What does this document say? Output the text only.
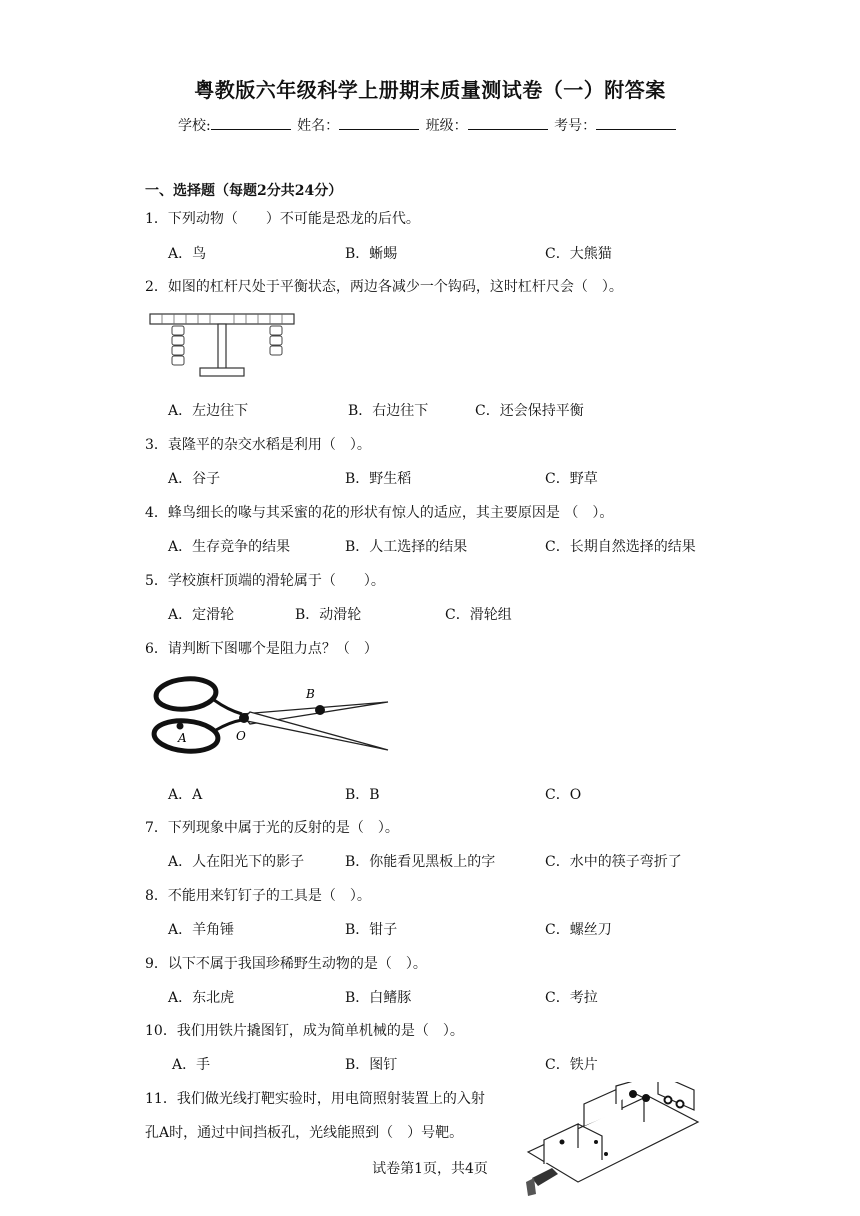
粤教版六年级科学上册期末质量测试卷（一）附答案
学校:	姓名：	班级：	考号：
一、选择题（每题2分共24分）
1．下列动物（　　）不可能是恐龙的后代。
A．鸟	B．蜥蜴	C．大熊猫
2．如图的杠杆尺处于平衡状态，两边各减少一个钩码，这时杠杆尺会（　）。
A．左边往下	B．右边往下	C．还会保持平衡
3．袁隆平的杂交水稻是利用（　）。
A．谷子	B．野生稻	C．野草
4．蜂鸟细长的喙与其采蜜的花的形状有惊人的适应，其主要原因是 （　）。
A．生存竞争的结果	B．人工选择的结果	C．长期自然选择的结果
5．学校旗杆顶端的滑轮属于（　　）。
A．定滑轮	B．动滑轮	C．滑轮组
6．请判断下图哪个是阻力点？（　）
B
A	O
A．A	B．B	C．O
7．下列现象中属于光的反射的是（　）。
A．人在阳光下的影子	B．你能看见黑板上的字	C．水中的筷子弯折了
8．不能用来钉钉子的工具是（　）。
A．羊角锤	B．钳子	C．螺丝刀
9．以下不属于我国珍稀野生动物的是（　）。
A．东北虎	B．白鳍豚	C．考拉
10．我们用铁片撬图钉，成为简单机械的是（　）。
A．手	B．图钉	C．铁片
11．我们做光线打靶实验时，用电筒照射装置上的入射
孔A时，通过中间挡板孔，光线能照到（　）号靶。
试卷第1页，共4页
